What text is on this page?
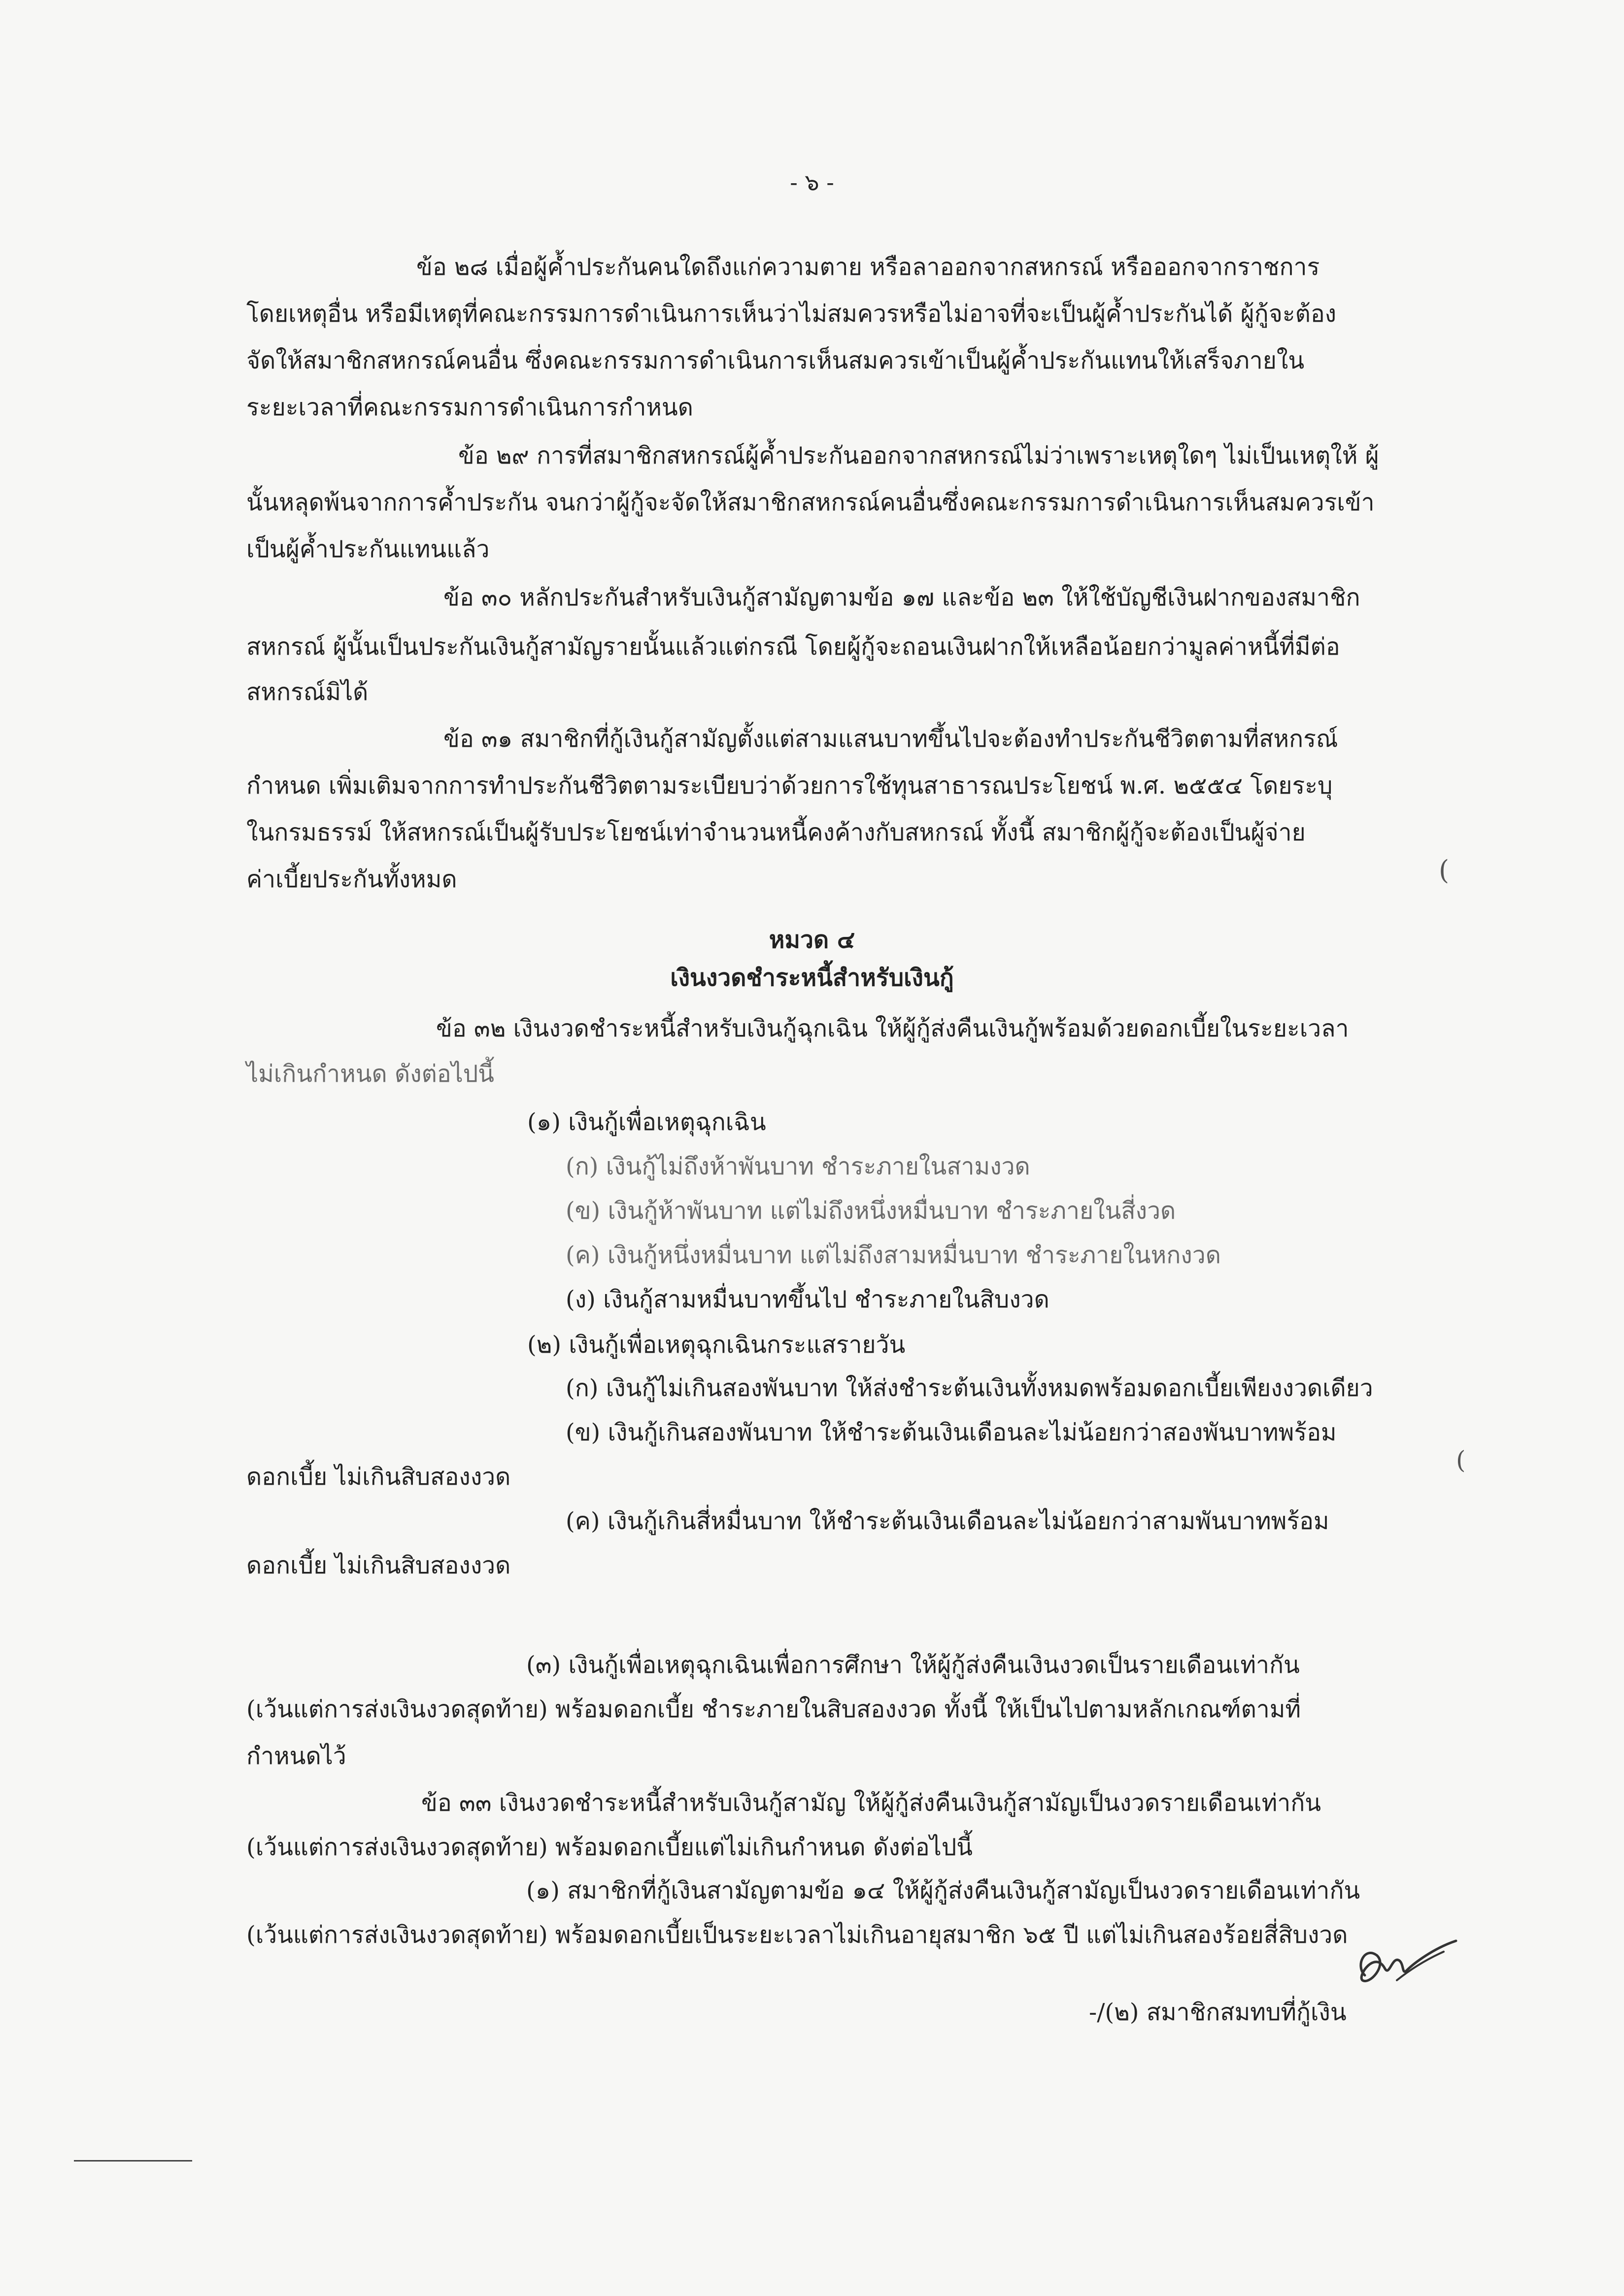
- ๖ -
ข้อ ๒๘ เมื่อผู้ค้ำประกันคนใดถึงแก่ความตาย หรือลาออกจากสหกรณ์ หรือออกจากราชการ
โดยเหตุอื่น หรือมีเหตุที่คณะกรรมการดำเนินการเห็นว่าไม่สมควรหรือไม่อาจที่จะเป็นผู้ค้ำประกันได้ ผู้กู้จะต้อง
จัดให้สมาชิกสหกรณ์คนอื่น ซึ่งคณะกรรมการดำเนินการเห็นสมควรเข้าเป็นผู้ค้ำประกันแทนให้เสร็จภายใน
ระยะเวลาที่คณะกรรมการดำเนินการกำหนด
ข้อ ๒๙ การที่สมาชิกสหกรณ์ผู้ค้ำประกันออกจากสหกรณ์ไม่ว่าเพราะเหตุใดๆ ไม่เป็นเหตุให้ ผู้
นั้นหลุดพ้นจากการค้ำประกัน จนกว่าผู้กู้จะจัดให้สมาชิกสหกรณ์คนอื่นซึ่งคณะกรรมการดำเนินการเห็นสมควรเข้า
เป็นผู้ค้ำประกันแทนแล้ว
ข้อ ๓๐ หลักประกันสำหรับเงินกู้สามัญตามข้อ ๑๗ และข้อ ๒๓ ให้ใช้บัญชีเงินฝากของสมาชิก
สหกรณ์ ผู้นั้นเป็นประกันเงินกู้สามัญรายนั้นแล้วแต่กรณี โดยผู้กู้จะถอนเงินฝากให้เหลือน้อยกว่ามูลค่าหนี้ที่มีต่อ
สหกรณ์มิได้
ข้อ ๓๑ สมาชิกที่กู้เงินกู้สามัญตั้งแต่สามแสนบาทขึ้นไปจะต้องทำประกันชีวิตตามที่สหกรณ์
กำหนด เพิ่มเติมจากการทำประกันชีวิตตามระเบียบว่าด้วยการใช้ทุนสาธารณประโยชน์ พ.ศ. ๒๕๕๔ โดยระบุ
ในกรมธรรม์ ให้สหกรณ์เป็นผู้รับประโยชน์เท่าจำนวนหนี้คงค้างกับสหกรณ์ ทั้งนี้ สมาชิกผู้กู้จะต้องเป็นผู้จ่าย
ค่าเบี้ยประกันทั้งหมด
หมวด ๔
เงินงวดชำระหนี้สำหรับเงินกู้
ข้อ ๓๒ เงินงวดชำระหนี้สำหรับเงินกู้ฉุกเฉิน ให้ผู้กู้ส่งคืนเงินกู้พร้อมด้วยดอกเบี้ยในระยะเวลา
ไม่เกินกำหนด ดังต่อไปนี้
(๑) เงินกู้เพื่อเหตุฉุกเฉิน
(ก) เงินกู้ไม่ถึงห้าพันบาท ชำระภายในสามงวด
(ข) เงินกู้ห้าพันบาท แต่ไม่ถึงหนึ่งหมื่นบาท ชำระภายในสี่งวด
(ค) เงินกู้หนึ่งหมื่นบาท แต่ไม่ถึงสามหมื่นบาท ชำระภายในหกงวด
(ง) เงินกู้สามหมื่นบาทขึ้นไป ชำระภายในสิบงวด
(๒) เงินกู้เพื่อเหตุฉุกเฉินกระแสรายวัน
(ก) เงินกู้ไม่เกินสองพันบาท ให้ส่งชำระต้นเงินทั้งหมดพร้อมดอกเบี้ยเพียงงวดเดียว
(ข) เงินกู้เกินสองพันบาท ให้ชำระต้นเงินเดือนละไม่น้อยกว่าสองพันบาทพร้อม
ดอกเบี้ย ไม่เกินสิบสองงวด
(ค) เงินกู้เกินสี่หมื่นบาท ให้ชำระต้นเงินเดือนละไม่น้อยกว่าสามพันบาทพร้อม
ดอกเบี้ย ไม่เกินสิบสองงวด
(๓) เงินกู้เพื่อเหตุฉุกเฉินเพื่อการศึกษา ให้ผู้กู้ส่งคืนเงินงวดเป็นรายเดือนเท่ากัน
(เว้นแต่การส่งเงินงวดสุดท้าย) พร้อมดอกเบี้ย ชำระภายในสิบสองงวด ทั้งนี้ ให้เป็นไปตามหลักเกณฑ์ตามที่
กำหนดไว้
ข้อ ๓๓ เงินงวดชำระหนี้สำหรับเงินกู้สามัญ ให้ผู้กู้ส่งคืนเงินกู้สามัญเป็นงวดรายเดือนเท่ากัน
(เว้นแต่การส่งเงินงวดสุดท้าย) พร้อมดอกเบี้ยแต่ไม่เกินกำหนด ดังต่อไปนี้
(๑) สมาชิกที่กู้เงินสามัญตามข้อ ๑๔ ให้ผู้กู้ส่งคืนเงินกู้สามัญเป็นงวดรายเดือนเท่ากัน
(เว้นแต่การส่งเงินงวดสุดท้าย) พร้อมดอกเบี้ยเป็นระยะเวลาไม่เกินอายุสมาชิก ๖๕ ปี แต่ไม่เกินสองร้อยสี่สิบงวด
-/(๒) สมาชิกสมทบที่กู้เงิน
(
(
